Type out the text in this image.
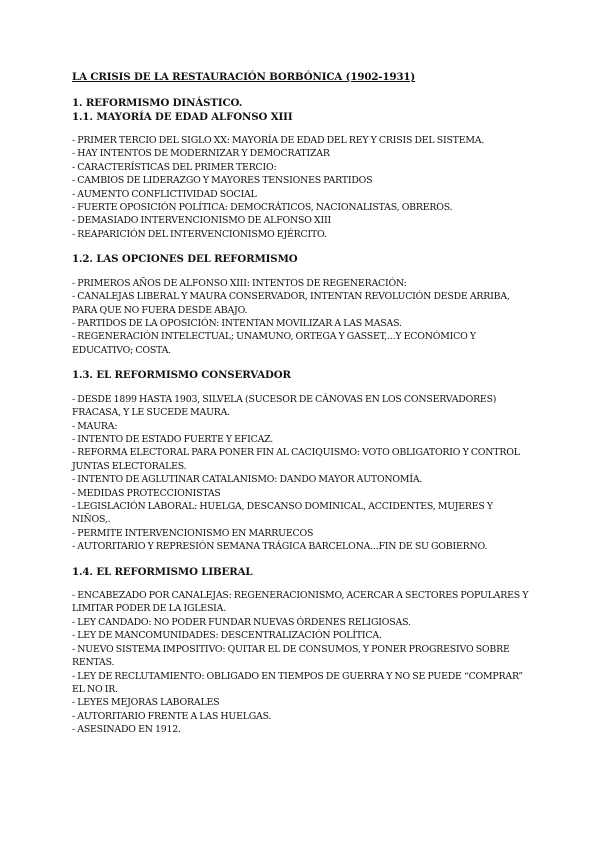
LA CRISIS DE LA RESTAURACIÓN BORBÓNICA (1902-1931)
1. REFORMISMO DINÁSTICO.
1.1. MAYORÍA DE EDAD ALFONSO XIII
- PRIMER TERCIO DEL SIGLO XX: MAYORÍA DE EDAD DEL REY Y CRISIS DEL SISTEMA.
- HAY INTENTOS DE MODERNIZAR Y DEMOCRATIZAR
- CARACTERÍSTICAS DEL PRIMER TERCIO:
- CAMBIOS DE LIDERAZGO Y MAYORES TENSIONES PARTIDOS
- AUMENTO CONFLICTIVIDAD SOCIAL
- FUERTE OPOSICIÓN POLÍTICA: DEMOCRÁTICOS, NACIONALISTAS, OBREROS.
- DEMASIADO INTERVENCIONISMO DE ALFONSO XIII
- REAPARICIÓN DEL INTERVENCIONISMO EJÉRCITO.
1.2. LAS OPCIONES DEL REFORMISMO
- PRIMEROS AÑOS DE ALFONSO XIII: INTENTOS DE REGENERACIÓN:
- CANALEJAS LIBERAL Y MAURA CONSERVADOR, INTENTAN REVOLUCIÓN DESDE ARRIBA, PARA QUE NO FUERA DESDE ABAJO.
- PARTIDOS DE LA OPOSICIÓN: INTENTAN MOVILIZAR A LAS MASAS.
- REGENERACIÓN INTELECTUAL; UNAMUNO, ORTEGA Y GASSET,...Y ECONÓMICO Y EDUCATIVO; COSTA.
1.3. EL REFORMISMO CONSERVADOR
- DESDE 1899 HASTA 1903, SILVELA (SUCESOR DE CÁNOVAS EN LOS CONSERVADORES) FRACASA, Y LE SUCEDE MAURA.
- MAURA:
- INTENTO DE ESTADO FUERTE Y EFICAZ.
- REFORMA ELECTORAL PARA PONER FIN AL CACIQUISMO: VOTO OBLIGATORIO Y CONTROL JUNTAS ELECTORALES.
- INTENTO DE AGLUTINAR CATALANISMO: DANDO MAYOR AUTONOMÍA.
- MEDIDAS PROTECCIONISTAS
- LEGISLACIÓN LABORAL: HUELGA, DESCANSO DOMINICAL, ACCIDENTES, MUJERES Y NIÑOS,.
- PERMITE INTERVENCIONISMO EN MARRUECOS
- AUTORITARIO Y REPRESIÓN SEMANA TRÁGICA BARCELONA...FIN DE SU GOBIERNO.
1.4. EL REFORMISMO LIBERAL
- ENCABEZADO POR CANALEJAS: REGENERACIONISMO, ACERCAR A SECTORES POPULARES Y LIMITAR PODER DE LA IGLESIA.
- LEY CANDADO: NO PODER FUNDAR NUEVAS ÓRDENES RELIGIOSAS.
- LEY DE MANCOMUNIDADES: DESCENTRALIZACIÓN POLÍTICA.
- NUEVO SISTEMA IMPOSITIVO: QUITAR EL DE CONSUMOS, Y PONER PROGRESIVO SOBRE RENTAS.
- LEY DE RECLUTAMIENTO: OBLIGADO EN TIEMPOS DE GUERRA Y NO SE PUEDE “COMPRAR” EL NO IR.
- LEYES MEJORAS LABORALES
- AUTORITARIO FRENTE A LAS HUELGAS.
- ASESINADO EN 1912.
